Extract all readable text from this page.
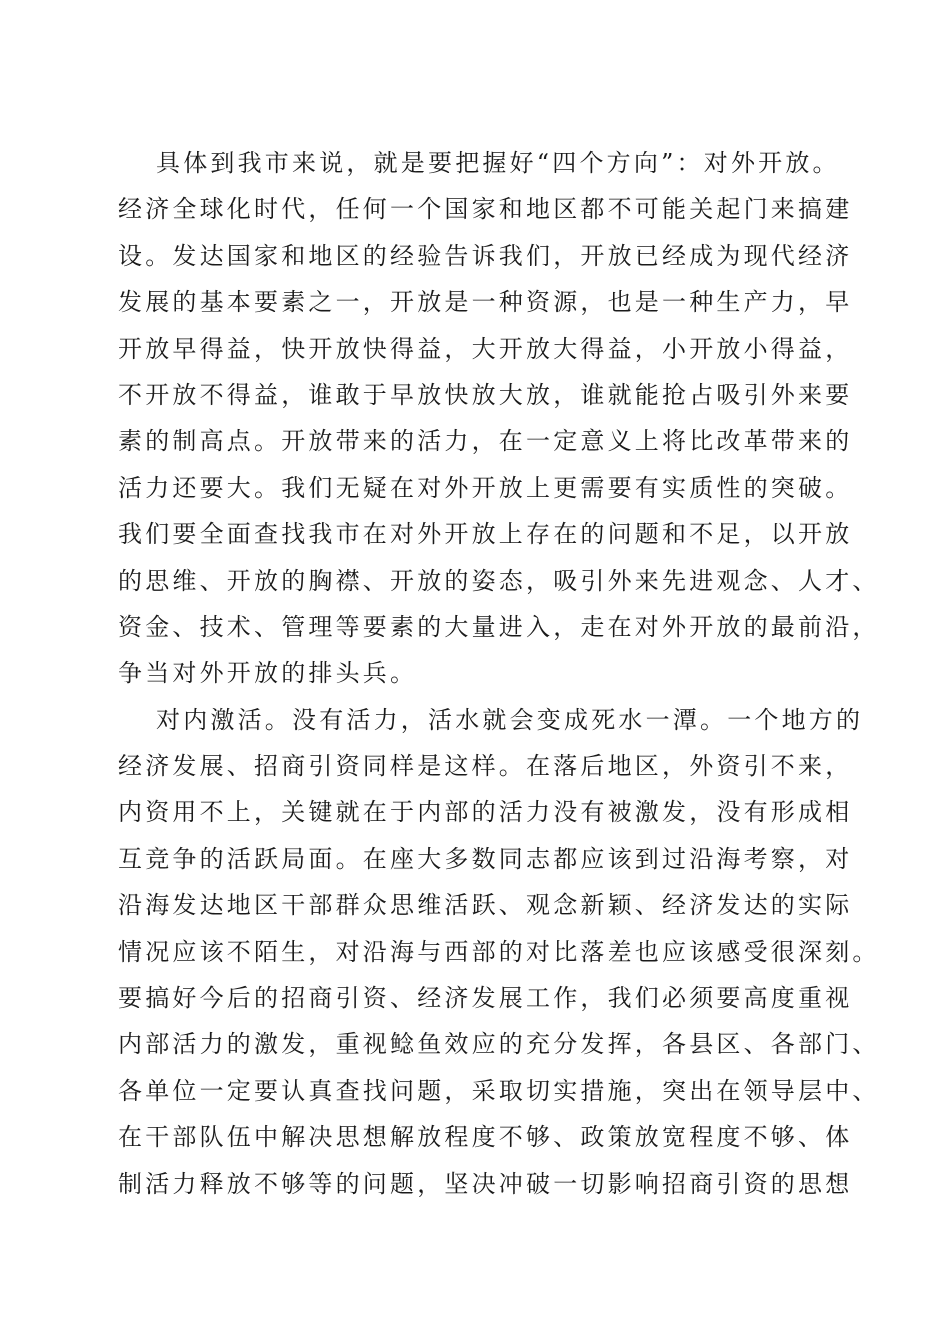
具体到我市来说，就是要把握好“四个方向”：对外开放。
经济全球化时代，任何一个国家和地区都不可能关起门来搞建
设。发达国家和地区的经验告诉我们，开放已经成为现代经济
发展的基本要素之一，开放是一种资源，也是一种生产力，早
开放早得益，快开放快得益，大开放大得益，小开放小得益，
不开放不得益，谁敢于早放快放大放，谁就能抢占吸引外来要
素的制高点。开放带来的活力，在一定意义上将比改革带来的
活力还要大。我们无疑在对外开放上更需要有实质性的突破。
我们要全面查找我市在对外开放上存在的问题和不足，以开放
的思维、开放的胸襟、开放的姿态，吸引外来先进观念、人才、
资金、技术、管理等要素的大量进入，走在对外开放的最前沿，
争当对外开放的排头兵。
对内激活。没有活力，活水就会变成死水一潭。一个地方的
经济发展、招商引资同样是这样。在落后地区，外资引不来，
内资用不上，关键就在于内部的活力没有被激发，没有形成相
互竞争的活跃局面。在座大多数同志都应该到过沿海考察，对
沿海发达地区干部群众思维活跃、观念新颖、经济发达的实际
情况应该不陌生，对沿海与西部的对比落差也应该感受很深刻。
要搞好今后的招商引资、经济发展工作，我们必须要高度重视
内部活力的激发，重视鲶鱼效应的充分发挥，各县区、各部门、
各单位一定要认真查找问题，采取切实措施，突出在领导层中、
在干部队伍中解决思想解放程度不够、政策放宽程度不够、体
制活力释放不够等的问题，坚决冲破一切影响招商引资的思想
